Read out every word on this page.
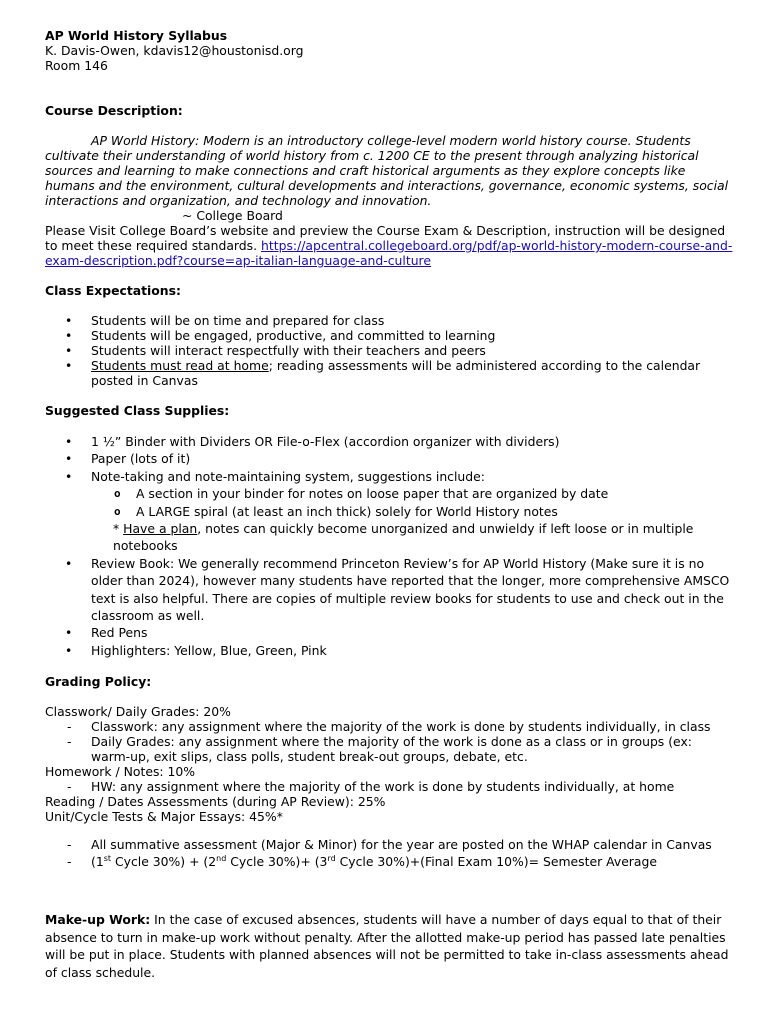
AP World History Syllabus
K. Davis-Owen, kdavis12@houstonisd.org
Room 146
Course Description:
AP World History: Modern is an introductory college-level modern world history course. Students cultivate their understanding of world history from c. 1200 CE to the present through analyzing historical sources and learning to make connections and craft historical arguments as they explore concepts like humans and the environment, cultural developments and interactions, governance, economic systems, social interactions and organization, and technology and innovation.
~ College Board
Please Visit College Board’s website and preview the Course Exam & Description, instruction will be designed to meet these required standards. https://apcentral.collegeboard.org/pdf/ap-world-history-modern-course-and-exam-description.pdf?course=ap-italian-language-and-culture
Class Expectations:
• Students will be on time and prepared for class
• Students will be engaged, productive, and committed to learning
• Students will interact respectfully with their teachers and peers
• Students must read at home; reading assessments will be administered according to the calendar posted in Canvas
Suggested Class Supplies:
• 1 ½” Binder with Dividers OR File-o-Flex (accordion organizer with dividers)
• Paper (lots of it)
• Note-taking and note-maintaining system, suggestions include:
o A section in your binder for notes on loose paper that are organized by date
o A LARGE spiral (at least an inch thick) solely for World History notes
* Have a plan, notes can quickly become unorganized and unwieldy if left loose or in multiple notebooks
• Review Book: We generally recommend Princeton Review’s for AP World History (Make sure it is no older than 2024), however many students have reported that the longer, more comprehensive AMSCO text is also helpful. There are copies of multiple review books for students to use and check out in the classroom as well.
• Red Pens
• Highlighters: Yellow, Blue, Green, Pink
Grading Policy:
Classwork/ Daily Grades: 20%
- Classwork: any assignment where the majority of the work is done by students individually, in class
- Daily Grades: any assignment where the majority of the work is done as a class or in groups (ex: warm-up, exit slips, class polls, student break-out groups, debate, etc.
Homework / Notes: 10%
- HW: any assignment where the majority of the work is done by students individually, at home
Reading / Dates Assessments (during AP Review): 25%
Unit/Cycle Tests & Major Essays: 45%*
- All summative assessment (Major & Minor) for the year are posted on the WHAP calendar in Canvas
- (1st Cycle 30%) + (2nd Cycle 30%)+ (3rd Cycle 30%)+(Final Exam 10%)= Semester Average
Make-up Work: In the case of excused absences, students will have a number of days equal to that of their absence to turn in make-up work without penalty. After the allotted make-up period has passed late penalties will be put in place. Students with planned absences will not be permitted to take in-class assessments ahead of class schedule.
